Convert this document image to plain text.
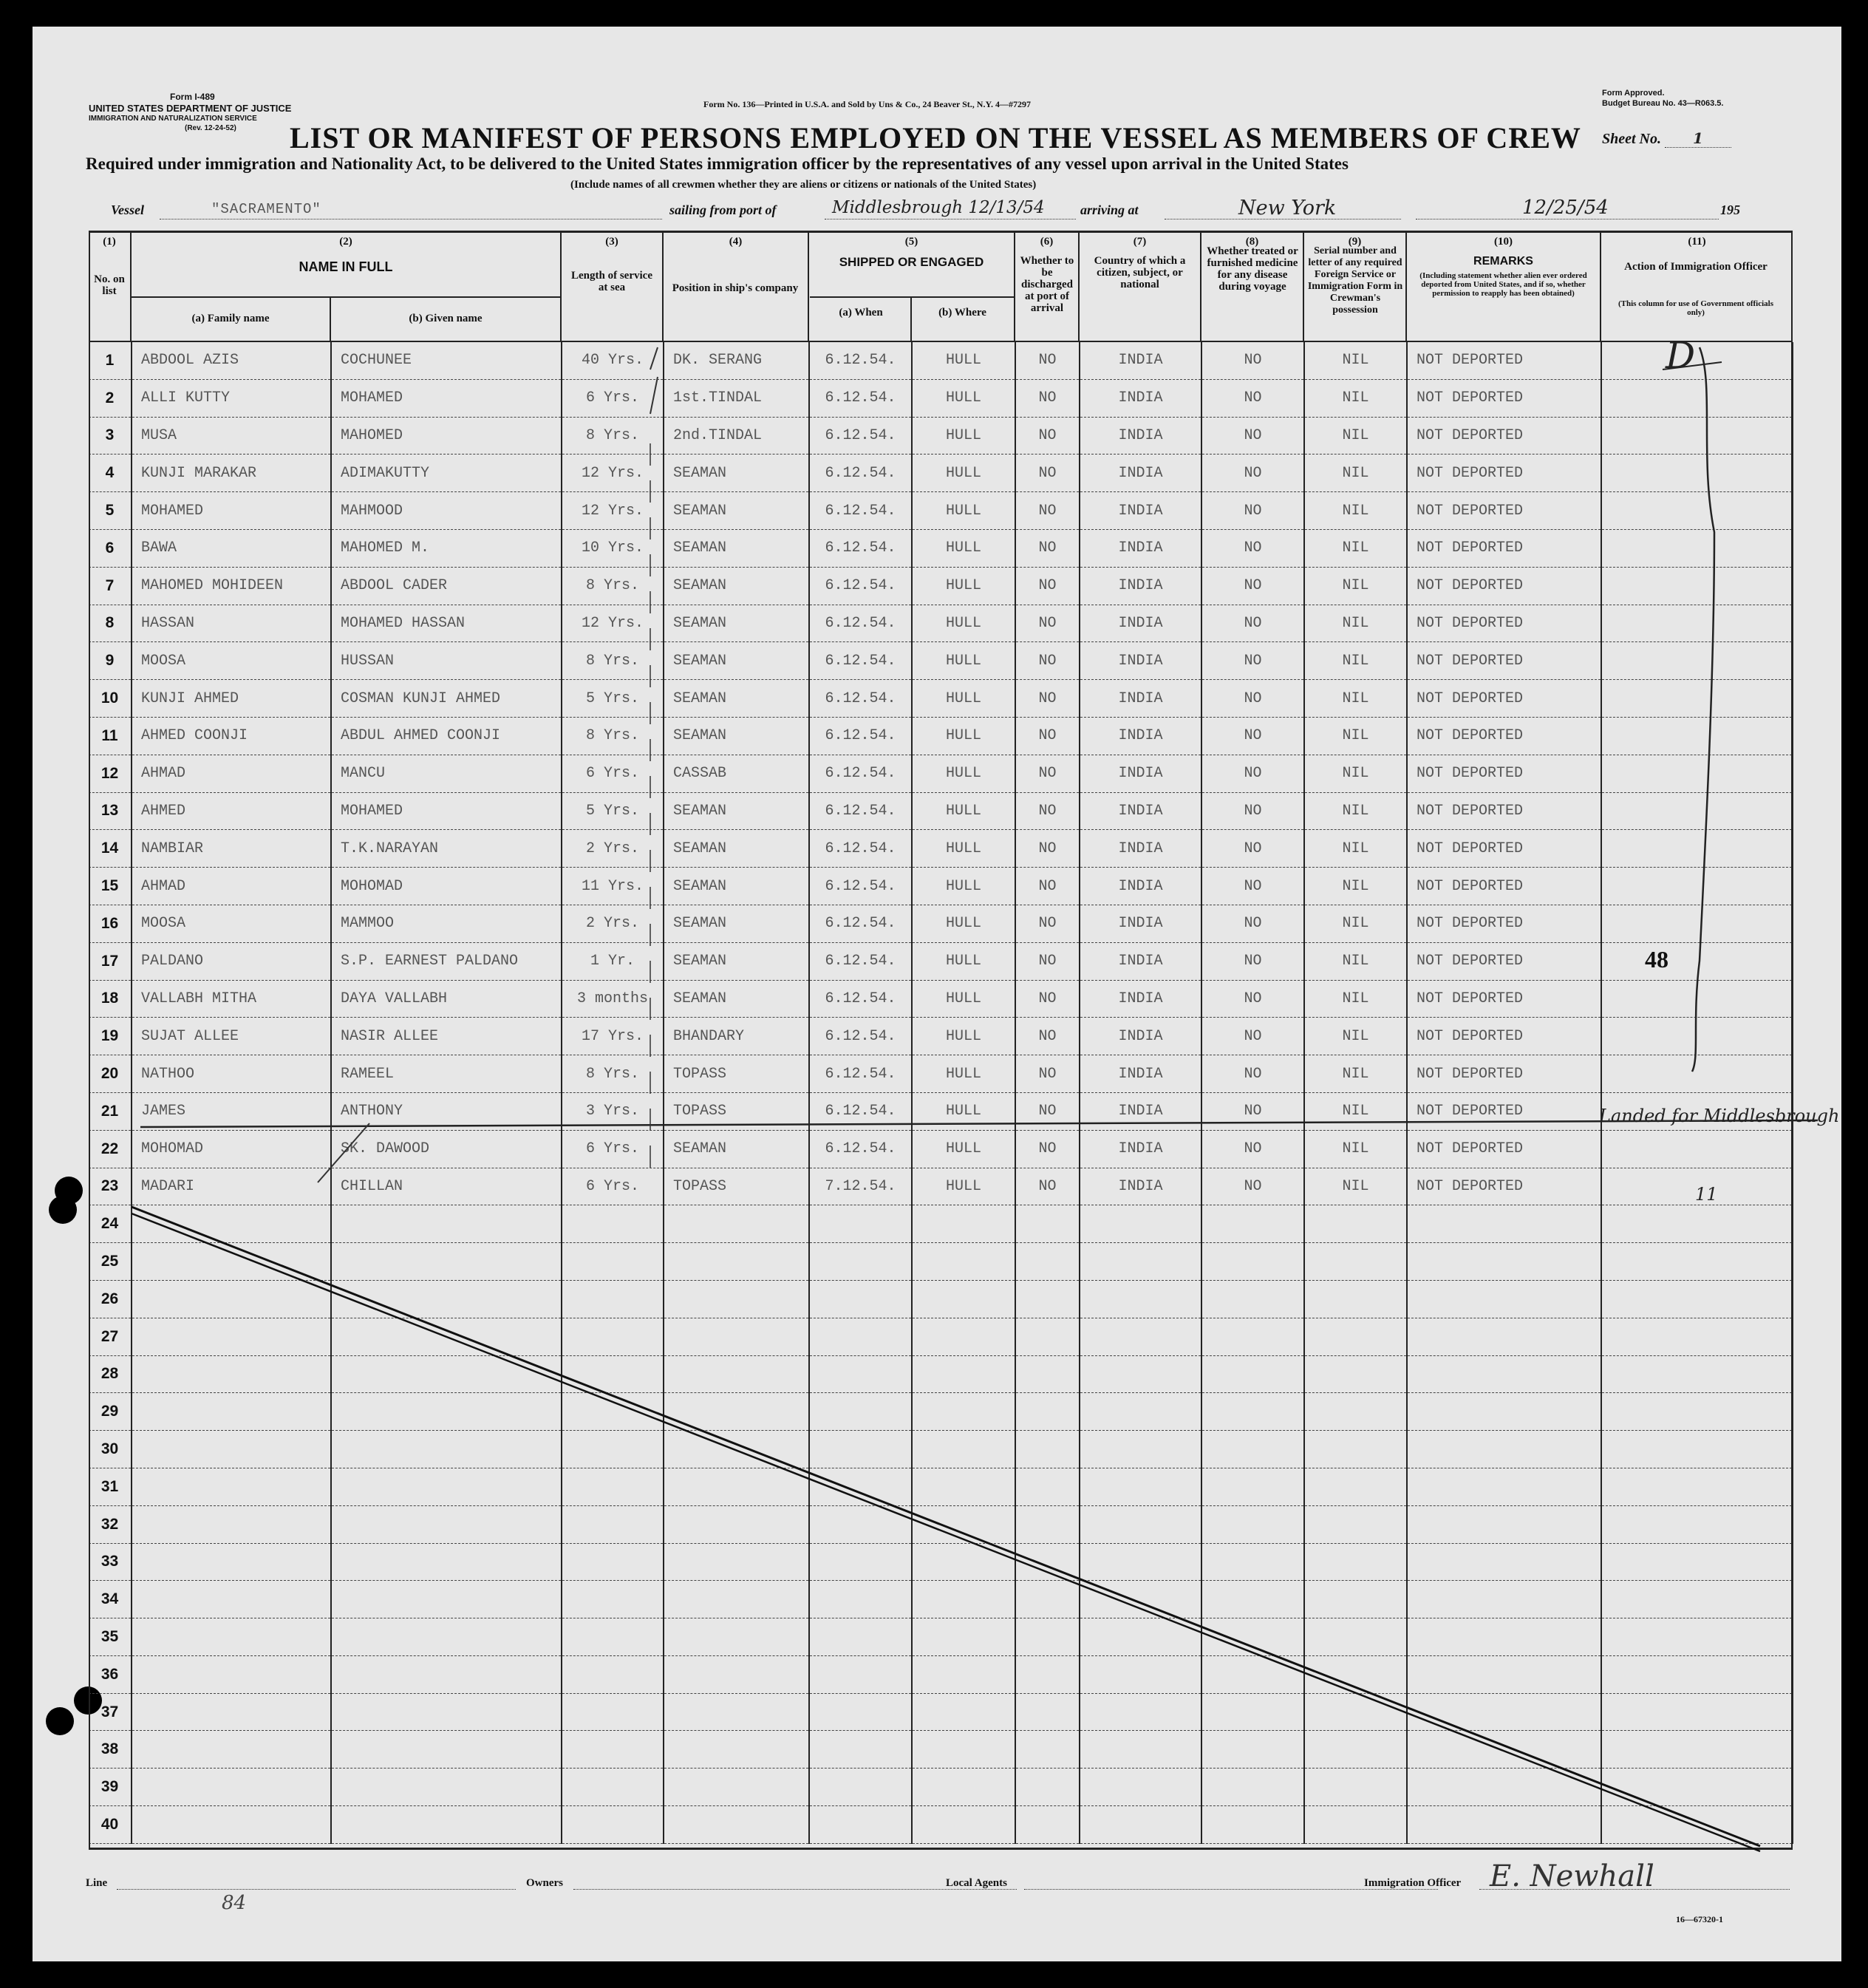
Form I-489
UNITED STATES DEPARTMENT OF JUSTICE
IMMIGRATION AND NATURALIZATION SERVICE
(Rev. 12-24-52)
Form No. 136—Printed in U.S.A. and Sold by Uns & Co., 24 Beaver St., N.Y. 4—#7297
Form Approved.
Budget Bureau No. 43—R063.5.
LIST OR MANIFEST OF PERSONS EMPLOYED ON THE VESSEL AS MEMBERS OF CREW Sheet No. 1
Required under immigration and Nationality Act, to be delivered to the United States immigration officer by the representatives of any vessel upon arrival in the United States
(Include names of all crewmen whether they are aliens or citizens or nationals of the United States)
Vessel	"SACRAMENTO"	sailing from port of	Middlesbrough 12/13/54	arriving at	New York	12/25/54	195
(1)
No. on list
(2)
NAME IN FULL
(a) Family name	(b) Given name
(3)
Length of service at sea
(4)
Position in ship's company
(5)
SHIPPED OR ENGAGED
(a) When	(b) Where
(6)
Whether to be discharged at port of arrival
(7)
Country of which a citizen, subject, or national
(8)
Whether treated or furnished medicine for any disease during voyage
(9)
Serial number and letter of any required Foreign Service or Immigration Form in Crewman's possession
(10)
REMARKS
(Including statement whether alien ever ordered deported from United States, and if so, whether permission to reapply has been obtained)
(11)
Action of Immigration Officer
(This column for use of Government officials only)
1	ABDOOL AZIS	COCHUNEE	40 Yrs.	DK. SERANG	6.12.54.	HULL	NO	INDIA	NO	NIL	NOT DEPORTED	
2	ALLI KUTTY	MOHAMED	6 Yrs.	1st.TINDAL	6.12.54.	HULL	NO	INDIA	NO	NIL	NOT DEPORTED	
3	MUSA	MAHOMED	8 Yrs.	2nd.TINDAL	6.12.54.	HULL	NO	INDIA	NO	NIL	NOT DEPORTED	
4	KUNJI MARAKAR	ADIMAKUTTY	12 Yrs.	SEAMAN	6.12.54.	HULL	NO	INDIA	NO	NIL	NOT DEPORTED	
5	MOHAMED	MAHMOOD	12 Yrs.	SEAMAN	6.12.54.	HULL	NO	INDIA	NO	NIL	NOT DEPORTED	
6	BAWA	MAHOMED M.	10 Yrs.	SEAMAN	6.12.54.	HULL	NO	INDIA	NO	NIL	NOT DEPORTED	
7	MAHOMED MOHIDEEN	ABDOOL CADER	8 Yrs.	SEAMAN	6.12.54.	HULL	NO	INDIA	NO	NIL	NOT DEPORTED	
8	HASSAN	MOHAMED HASSAN	12 Yrs.	SEAMAN	6.12.54.	HULL	NO	INDIA	NO	NIL	NOT DEPORTED	
9	MOOSA	HUSSAN	8 Yrs.	SEAMAN	6.12.54.	HULL	NO	INDIA	NO	NIL	NOT DEPORTED	
10	KUNJI AHMED	COSMAN KUNJI AHMED	5 Yrs.	SEAMAN	6.12.54.	HULL	NO	INDIA	NO	NIL	NOT DEPORTED	
11	AHMED COONJI	ABDUL AHMED COONJI	8 Yrs.	SEAMAN	6.12.54.	HULL	NO	INDIA	NO	NIL	NOT DEPORTED	
12	AHMAD	MANCU	6 Yrs.	CASSAB	6.12.54.	HULL	NO	INDIA	NO	NIL	NOT DEPORTED	
13	AHMED	MOHAMED	5 Yrs.	SEAMAN	6.12.54.	HULL	NO	INDIA	NO	NIL	NOT DEPORTED	
14	NAMBIAR	T.K.NARAYAN	2 Yrs.	SEAMAN	6.12.54.	HULL	NO	INDIA	NO	NIL	NOT DEPORTED	
15	AHMAD	MOHOMAD	11 Yrs.	SEAMAN	6.12.54.	HULL	NO	INDIA	NO	NIL	NOT DEPORTED	
16	MOOSA	MAMMOO	2 Yrs.	SEAMAN	6.12.54.	HULL	NO	INDIA	NO	NIL	NOT DEPORTED	
17	PALDANO	S.P. EARNEST PALDANO	1 Yr.	SEAMAN	6.12.54.	HULL	NO	INDIA	NO	NIL	NOT DEPORTED	
18	VALLABH MITHA	DAYA VALLABH	3 months	SEAMAN	6.12.54.	HULL	NO	INDIA	NO	NIL	NOT DEPORTED	
19	SUJAT ALLEE	NASIR ALLEE	17 Yrs.	BHANDARY	6.12.54.	HULL	NO	INDIA	NO	NIL	NOT DEPORTED	
20	NATHOO	RAMEEL	8 Yrs.	TOPASS	6.12.54.	HULL	NO	INDIA	NO	NIL	NOT DEPORTED	
21	JAMES	ANTHONY	3 Yrs.	TOPASS	6.12.54.	HULL	NO	INDIA	NO	NIL	NOT DEPORTED	
22	MOHOMAD	SK. DAWOOD	6 Yrs.	SEAMAN	6.12.54.	HULL	NO	INDIA	NO	NIL	NOT DEPORTED	
23	MADARI	CHILLAN	6 Yrs.	TOPASS	7.12.54.	HULL	NO	INDIA	NO	NIL	NOT DEPORTED	
24												
25												
26												
27												
28												
29												
30												
31												
32												
33												
34												
35												
36												
37												
38												
39												
40												
D
48
Landed for Middlesbrough
11
Line	Owners	Local Agents	Immigration Officer E. Newhall
84
16—67320-1
